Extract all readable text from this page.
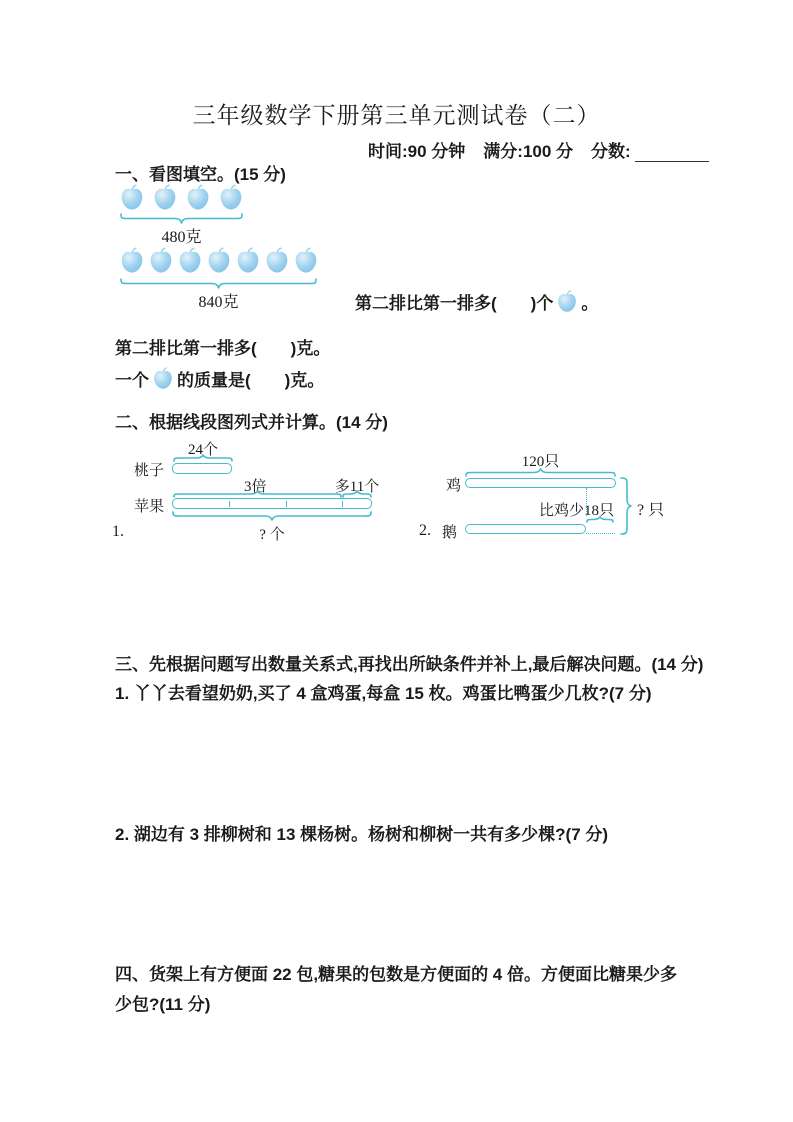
三年级数学下册第三单元测试卷（二）
时间:90 分钟 满分:100 分 分数:
一、看图填空。(15 分)
480克
840克	第二排比第一排多(　　)个 。
第二排比第一排多(　　)克。
一个 的质量是(　　)克。
二、根据线段图列式并计算。(14 分)
24个
桃子
3倍	多11个
苹果
? 个
1.
120只
鸡
比鸡少18只 ? 只
鹅
2.
三、先根据问题写出数量关系式,再找出所缺条件并补上,最后解决问题。(14 分)
1. 丫丫去看望奶奶,买了 4 盒鸡蛋,每盒 15 枚。鸡蛋比鸭蛋少几枚?(7 分)
2. 湖边有 3 排柳树和 13 棵杨树。杨树和柳树一共有多少棵?(7 分)
四、货架上有方便面 22 包,糖果的包数是方便面的 4 倍。方便面比糖果少多少包?(11 分)
